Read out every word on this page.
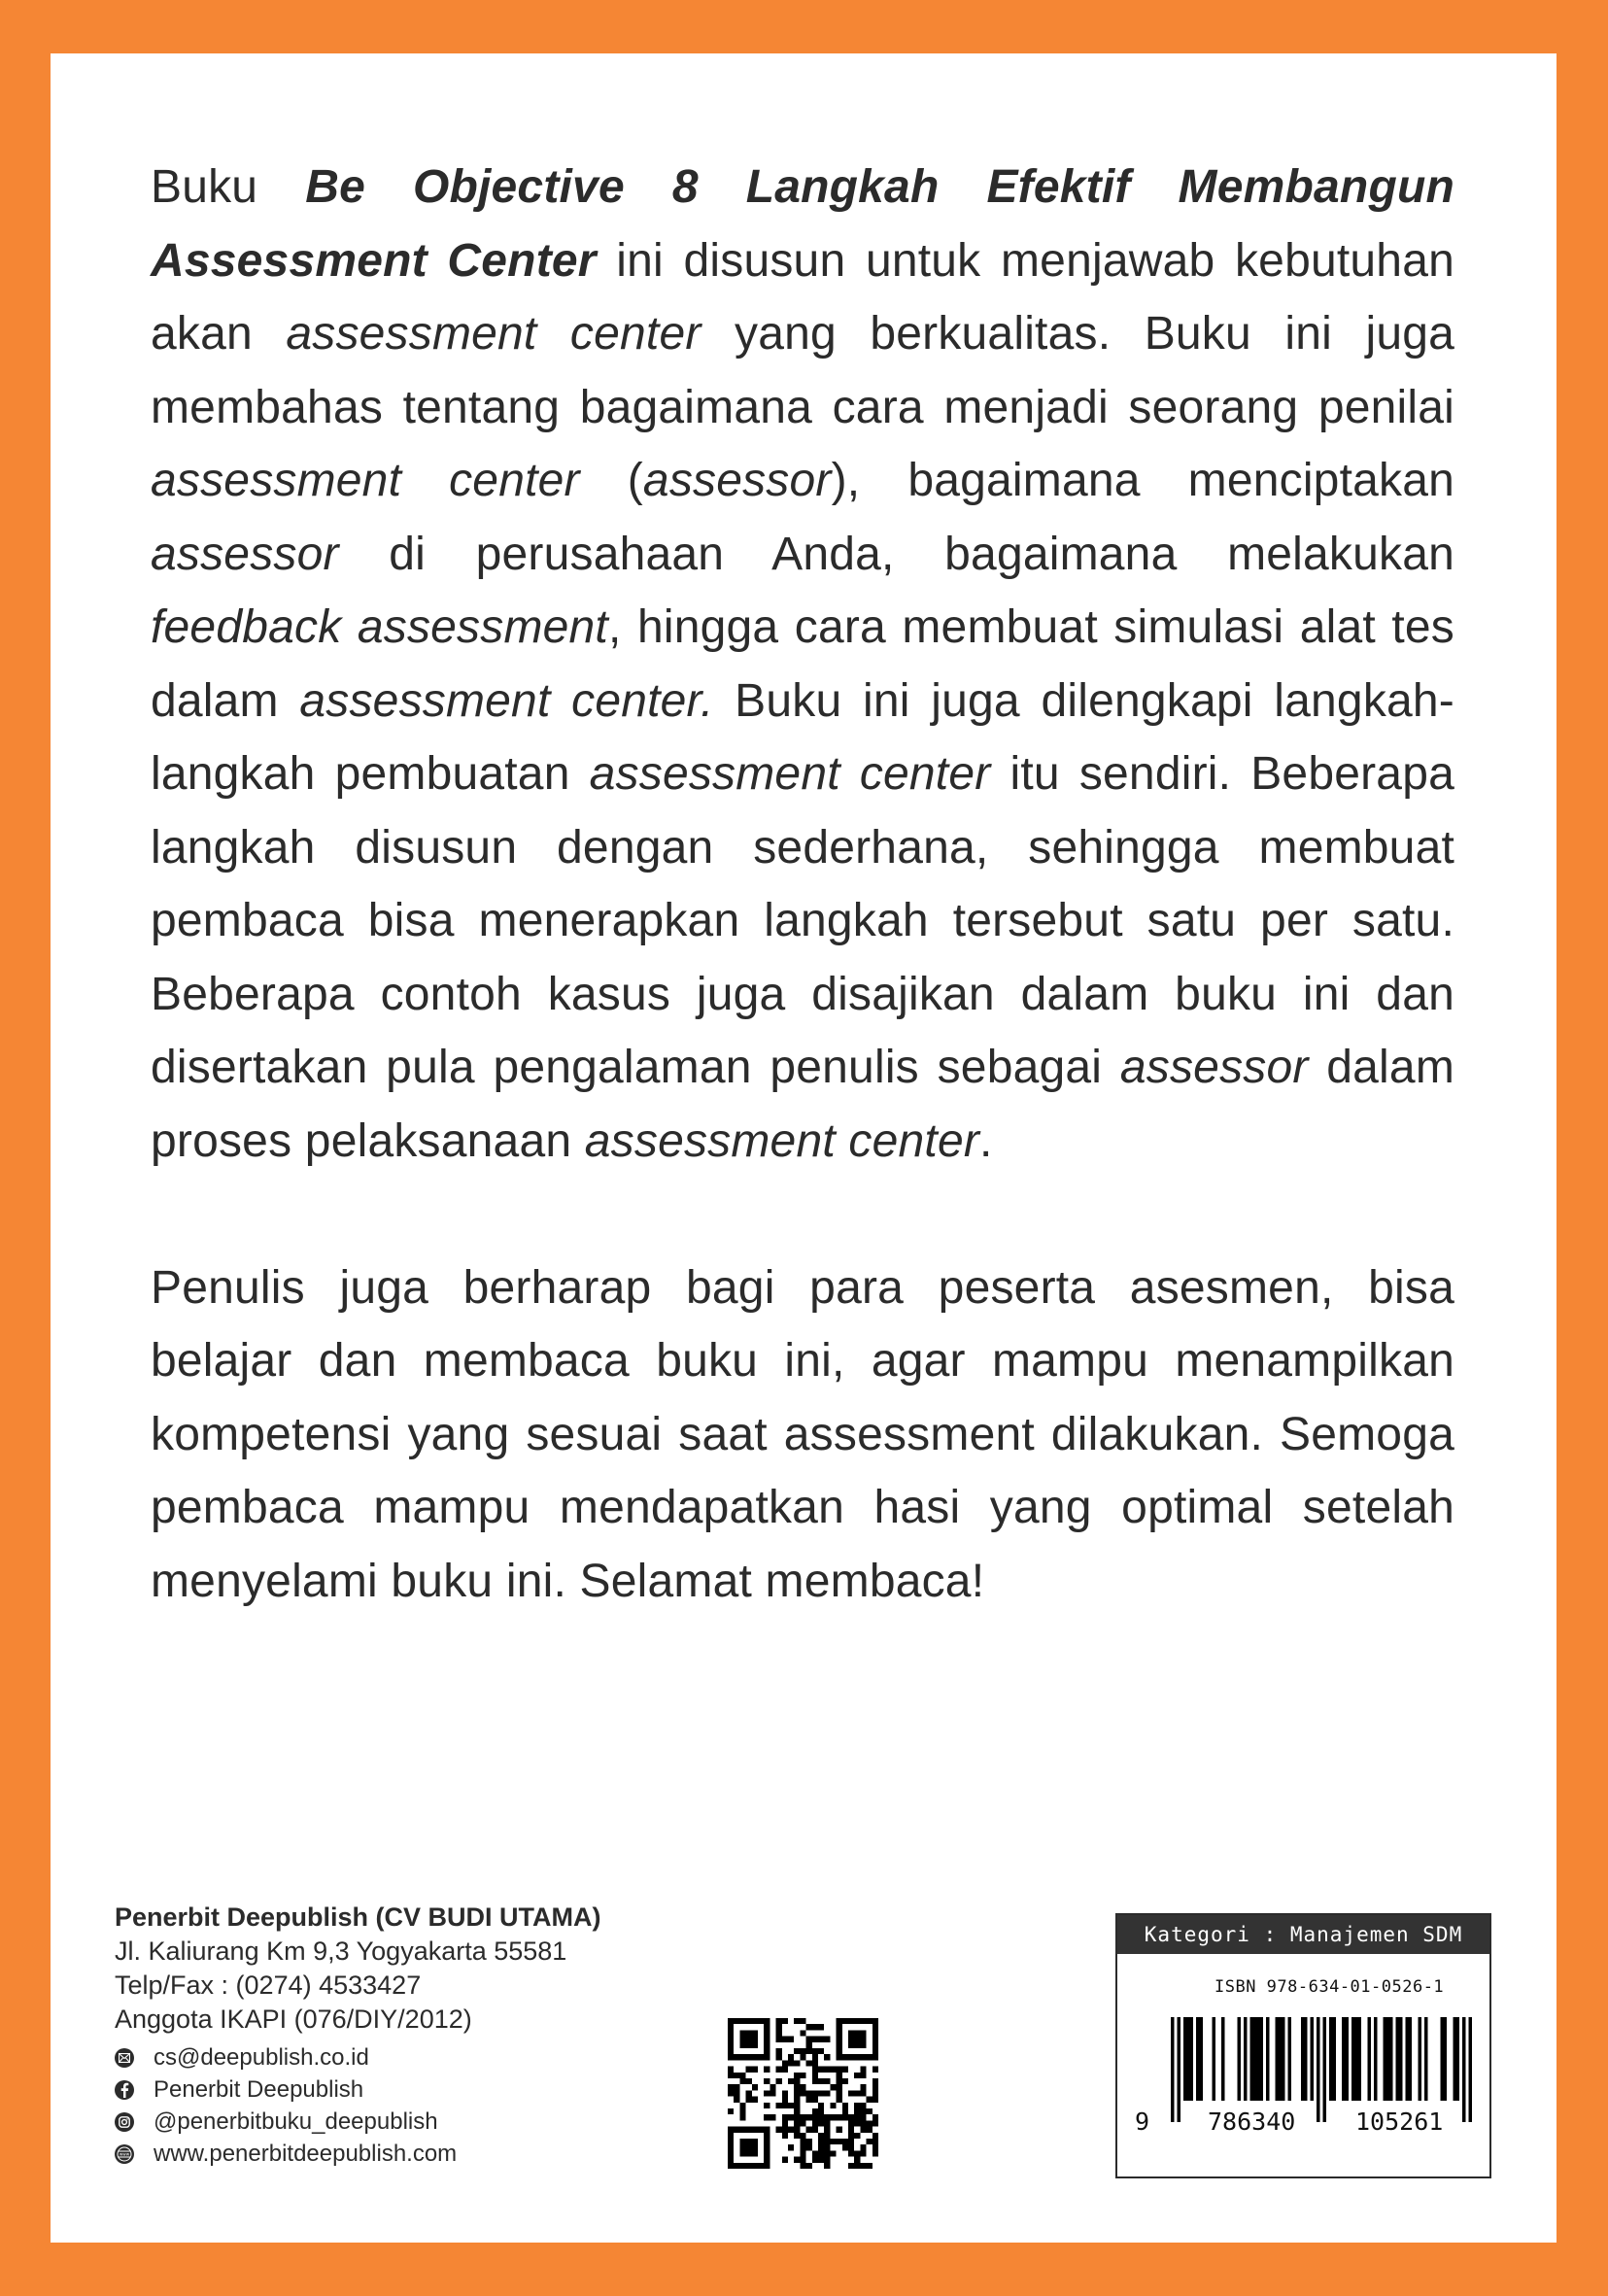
Buku Be Objective 8 Langkah Efektif Membangun Assessment Center ini disusun untuk menjawab kebutuhan akan assessment center yang berkualitas. Buku ini juga membahas tentang bagaimana cara menjadi seorang penilai assessment center (assessor), bagaimana menciptakan assessor di perusahaan Anda, bagaimana melakukan feedback assessment, hingga cara membuat simulasi alat tes dalam assessment center. Buku ini juga dilengkapi langkah-langkah pembuatan assessment center itu sendiri. Beberapa langkah disusun dengan sederhana, sehingga membuat pembaca bisa menerapkan langkah tersebut satu per satu. Beberapa contoh kasus juga disajikan dalam buku ini dan disertakan pula pengalaman penulis sebagai assessor dalam proses pelaksanaan assessment center.

Penulis juga berharap bagi para peserta asesmen, bisa belajar dan membaca buku ini, agar mampu menampilkan kompetensi yang sesuai saat assessment dilakukan. Semoga pembaca mampu mendapatkan hasi yang optimal setelah menyelami buku ini. Selamat membaca!

Penerbit Deepublish (CV BUDI UTAMA)
Jl. Kaliurang Km 9,3 Yogyakarta 55581
Telp/Fax : (0274) 4533427
Anggota IKAPI (076/DIY/2012)
cs@deepublish.co.id
Penerbit Deepublish
@penerbitbuku_deepublish
www www.penerbitdeepublish.com
Kategori : Manajemen SDM
ISBN 978-634-01-0526-1
9 786340 105261
